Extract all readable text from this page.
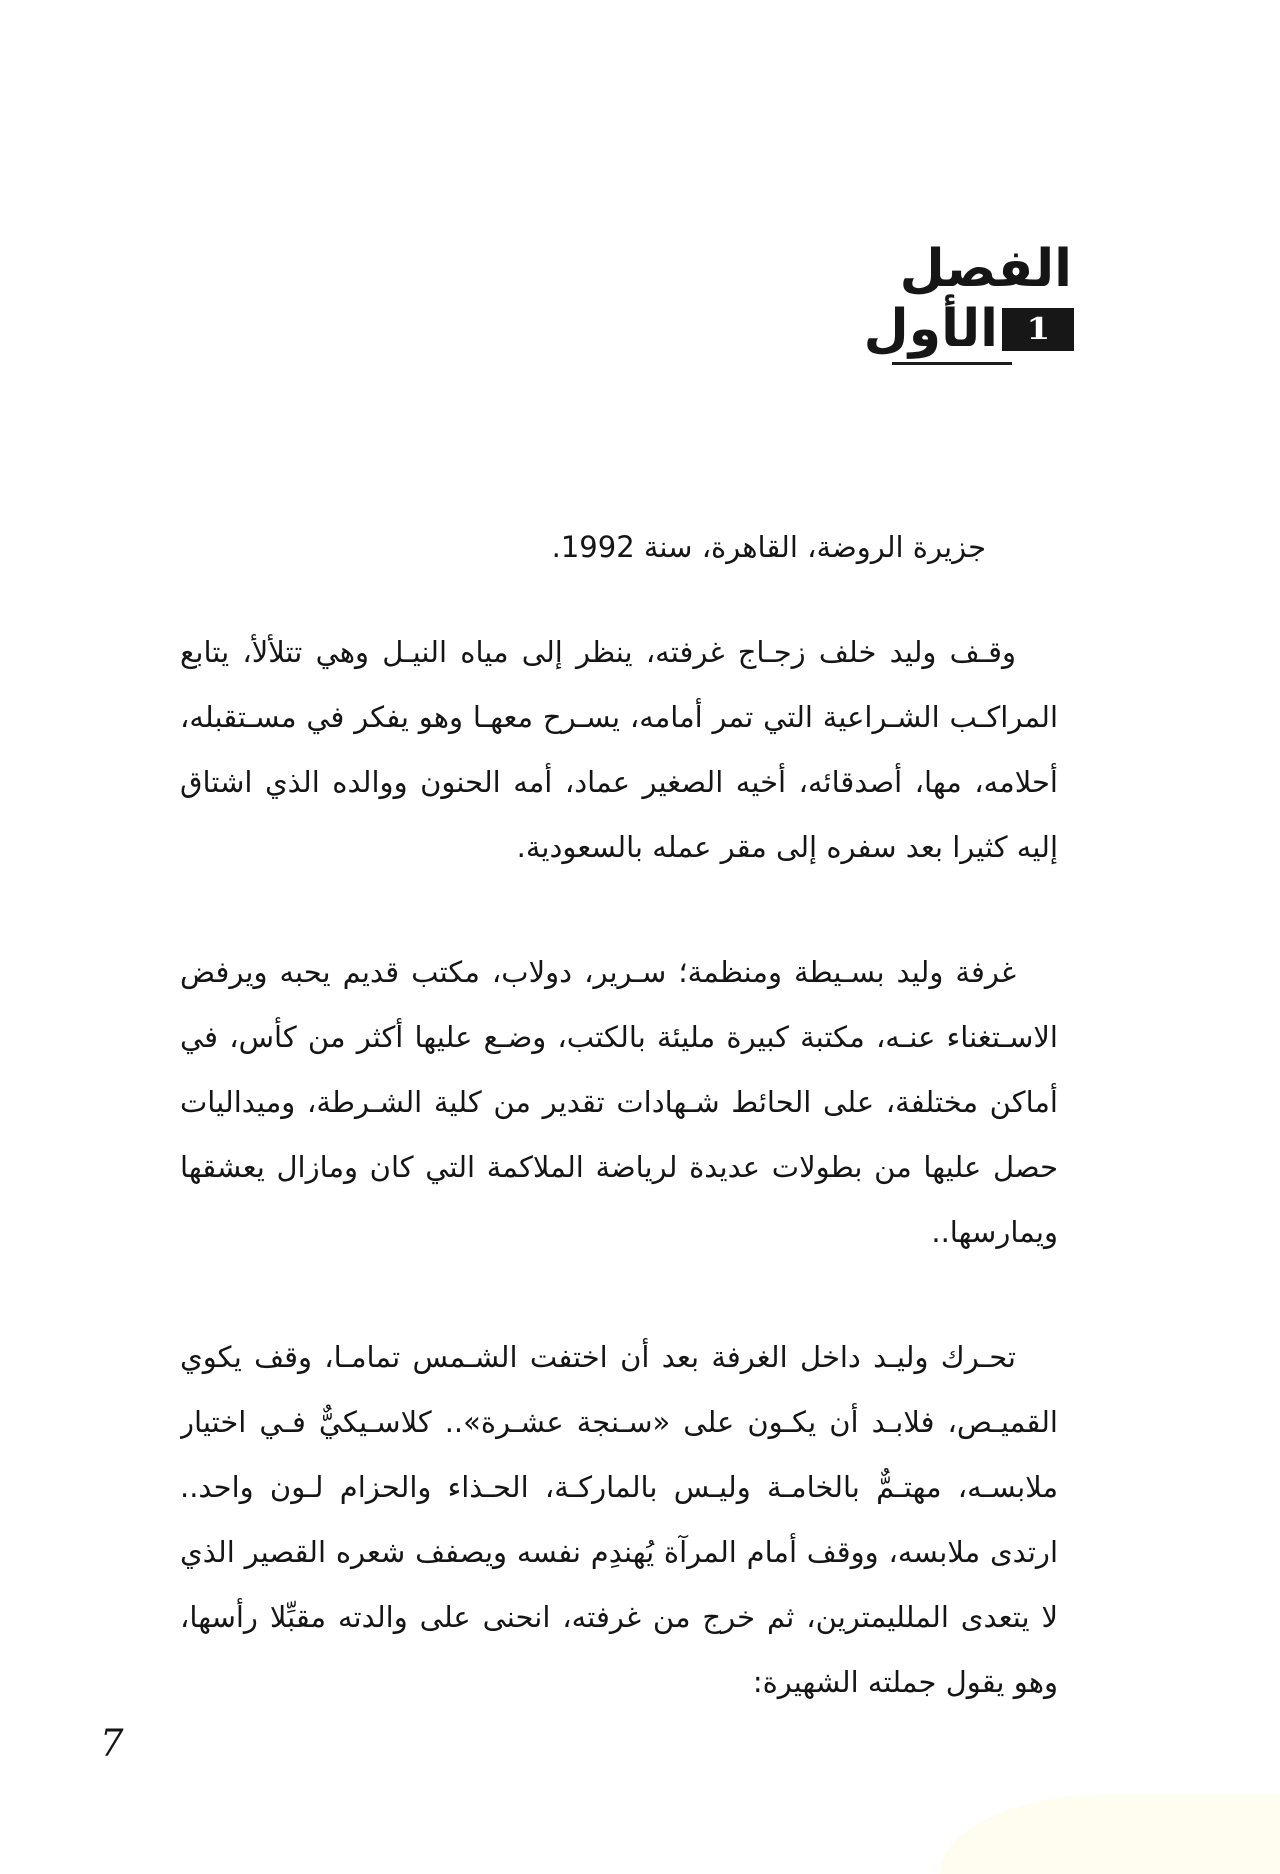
الفصل
الأول 1
جزيرة الروضة، القاهرة، سنة 1992.
وقـف وليد خلف زجـاج غرفته، ينظر إلى مياه النيـل وهي تتلألأ، يتابع
المراكـب الشـراعية التي تمر أمامه، يسـرح معهـا وهو يفكر في مسـتقبله،
أحلامه، مها، أصدقائه، أخيه الصغير عماد، أمه الحنون ووالده الذي اشتاق
إليه كثيرا بعد سفره إلى مقر عمله بالسعودية.
غرفة وليد بسـيطة ومنظمة؛ سـرير، دولاب، مكتب قديم يحبه ويرفض
الاسـتغناء عنـه، مكتبة كبيرة مليئة بالكتب، وضـع عليها أكثر من كأس، في
أماكن مختلفة، على الحائط شـهادات تقدير من كلية الشـرطة، وميداليات
حصل عليها من بطولات عديدة لرياضة الملاكمة التي كان ومازال يعشقها
ويمارسها..
تحـرك وليـد داخل الغرفة بعد أن اختفت الشـمس تمامـا، وقف يكوي
القميـص، فلابـد أن يكـون على «سـنجة عشـرة».. كلاسـيكيٌّ فـي اختيار
ملابسـه، مهتـمٌّ بالخامـة وليـس بالماركـة، الحـذاء والحزام لـون واحد..
ارتدى ملابسه، ووقف أمام المرآة يُهندِم نفسه ويصفف شعره القصير الذي
لا يتعدى الملليمترين، ثم خرج من غرفته، انحنى على والدته مقبِّلا رأسها،
وهو يقول جملته الشهيرة:
7
